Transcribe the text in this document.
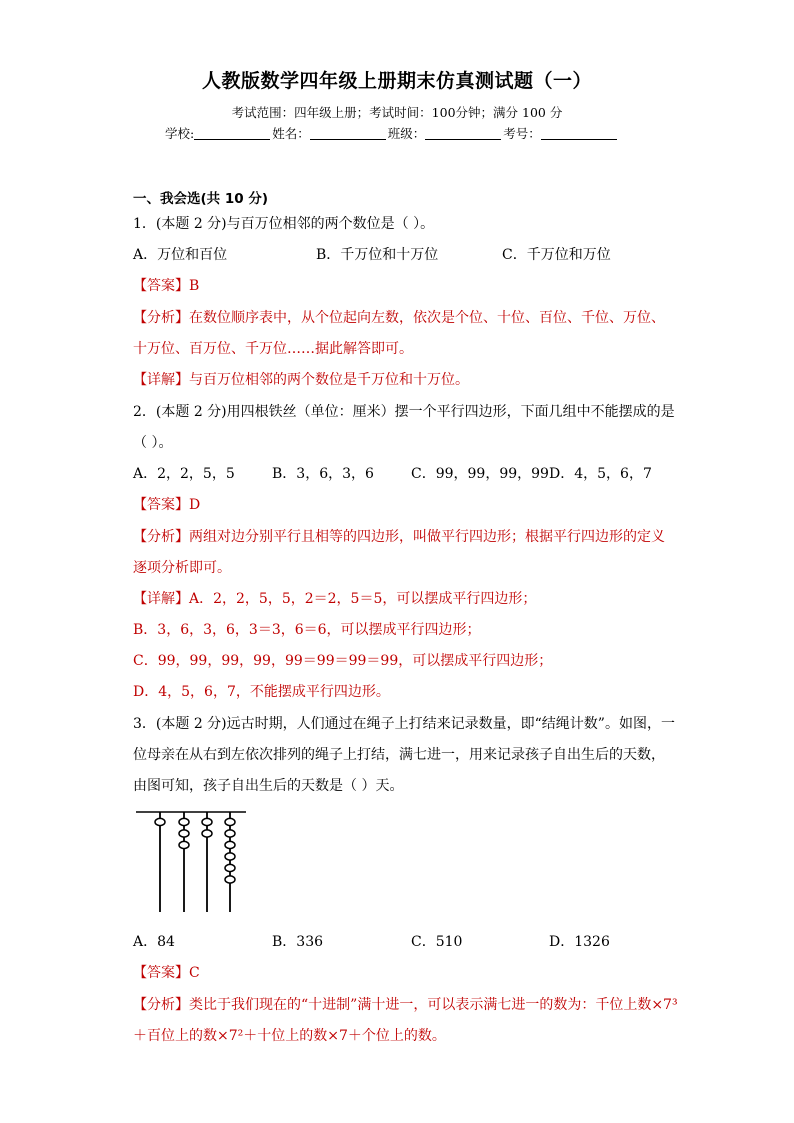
人教版数学四年级上册期末仿真测试题（一）
考试范围：四年级上册；考试时间：100分钟；满分 100 分
学校:	姓名：	班级：	考号：
一、我会选(共 10 分)
1．(本题 2 分)与百万位相邻的两个数位是（ ）。
A．万位和百位	B．千万位和十万位	C．千万位和万位
【答案】B
【分析】在数位顺序表中，从个位起向左数，依次是个位、十位、百位、千位、万位、
十万位、百万位、千万位……据此解答即可。
【详解】与百万位相邻的两个数位是千万位和十万位。
2．(本题 2 分)用四根铁丝（单位：厘米）摆一个平行四边形，下面几组中不能摆成的是
（ ）。
A．2，2，5，5	B．3，6，3，6	C．99，99，99，99 D．4，5，6，7
【答案】D
【分析】两组对边分别平行且相等的四边形，叫做平行四边形；根据平行四边形的定义
逐项分析即可。
【详解】A．2，2，5，5，2＝2，5＝5，可以摆成平行四边形；
B．3，6，3，6，3＝3，6＝6，可以摆成平行四边形；
C．99，99，99，99，99＝99＝99＝99，可以摆成平行四边形；
D．4，5，6，7，不能摆成平行四边形。
3．(本题 2 分)远古时期，人们通过在绳子上打结来记录数量，即“结绳计数”。如图，一
位母亲在从右到左依次排列的绳子上打结，满七进一，用来记录孩子自出生后的天数，
由图可知，孩子自出生后的天数是（ ）天。
A．84	B．336	C．510	D．1326
【答案】C
【分析】类比于我们现在的“十进制”满十进一，可以表示满七进一的数为：千位上数×7³
＋百位上的数×7²＋十位上的数×7＋个位上的数。
